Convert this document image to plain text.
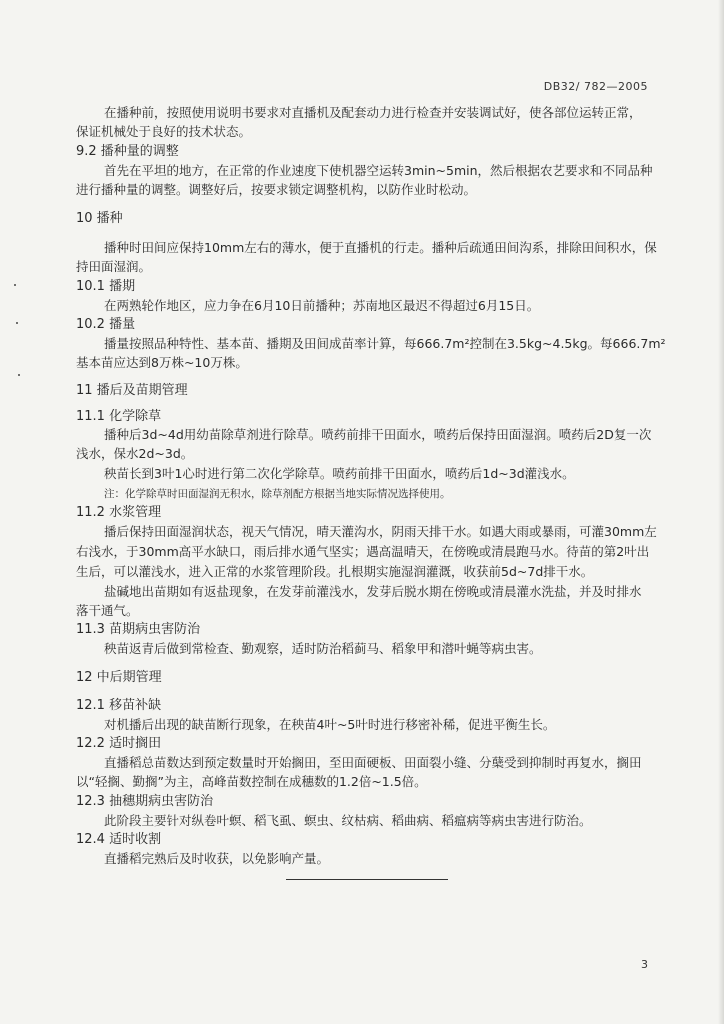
DB32/ 782—2005
在播种前，按照使用说明书要求对直播机及配套动力进行检查并安装调试好，使各部位运转正常，
保证机械处于良好的技术状态。
9.2 播种量的调整
首先在平坦的地方，在正常的作业速度下使机器空运转3min~5min，然后根据农艺要求和不同品种
进行播种量的调整。调整好后，按要求锁定调整机构，以防作业时松动。
10 播种
播种时田间应保持10mm左右的薄水，便于直播机的行走。播种后疏通田间沟系，排除田间积水，保
持田面湿润。
10.1 播期
在两熟轮作地区，应力争在6月10日前播种；苏南地区最迟不得超过6月15日。
10.2 播量
播量按照品种特性、基本苗、播期及田间成苗率计算，每666.7m²控制在3.5kg~4.5kg。每666.7m²
基本苗应达到8万株~10万株。
11 播后及苗期管理
11.1 化学除草
播种后3d~4d用幼苗除草剂进行除草。喷药前排干田面水，喷药后保持田面湿润。喷药后2D复一次
浅水，保水2d~3d。
秧苗长到3叶1心时进行第二次化学除草。喷药前排干田面水，喷药后1d~3d灌浅水。
注：化学除草时田面湿润无积水，除草剂配方根据当地实际情况选择使用。
11.2 水浆管理
播后保持田面湿润状态，视天气情况，晴天灌沟水，阴雨天排干水。如遇大雨或暴雨，可灌30mm左
右浅水，于30mm高平水缺口，雨后排水通气坚实；遇高温晴天，在傍晚或清晨跑马水。待苗的第2叶出
生后，可以灌浅水，进入正常的水浆管理阶段。扎根期实施湿润灌溉，收获前5d~7d排干水。
盐碱地出苗期如有返盐现象，在发芽前灌浅水，发芽后脱水期在傍晚或清晨灌水洗盐，并及时排水
落干通气。
11.3 苗期病虫害防治
秧苗返青后做到常检查、勤观察，适时防治稻蓟马、稻象甲和潜叶蝇等病虫害。
12 中后期管理
12.1 移苗补缺
对机播后出现的缺苗断行现象，在秧苗4叶~5叶时进行移密补稀，促进平衡生长。
12.2 适时搁田
直播稻总苗数达到预定数量时开始搁田，至田面硬板、田面裂小缝、分蘖受到抑制时再复水，搁田
以“轻搁、勤搁”为主，高峰苗数控制在成穗数的1.2倍~1.5倍。
12.3 抽穗期病虫害防治
此阶段主要针对纵卷叶螟、稻飞虱、螟虫、纹枯病、稻曲病、稻瘟病等病虫害进行防治。
12.4 适时收割
直播稻完熟后及时收获，以免影响产量。
3
